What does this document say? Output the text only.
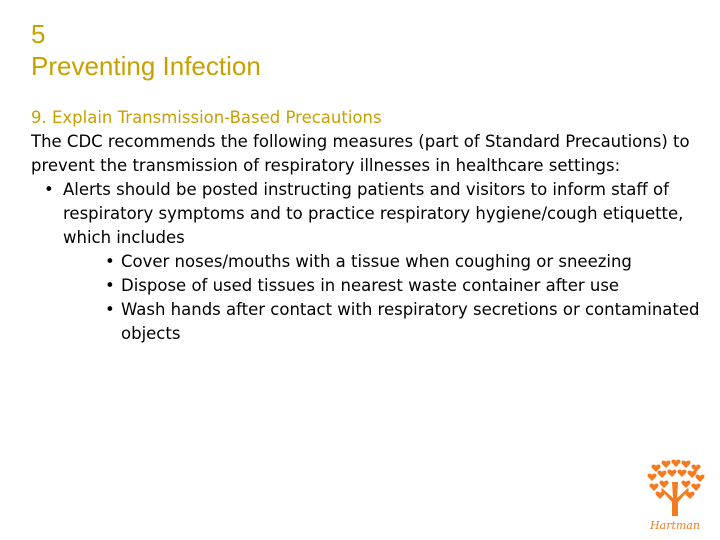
5
Preventing Infection
9. Explain Transmission-Based Precautions

The CDC recommends the following measures (part of Standard Precautions) to prevent the transmission of respiratory illnesses in healthcare settings:

• Alerts should be posted instructing patients and visitors to inform staff of respiratory symptoms and to practice respiratory hygiene/cough etiquette, which includes
• Cover noses/mouths with a tissue when coughing or sneezing
• Dispose of used tissues in nearest waste container after use
• Wash hands after contact with respiratory secretions or contaminated objects
Hartman
